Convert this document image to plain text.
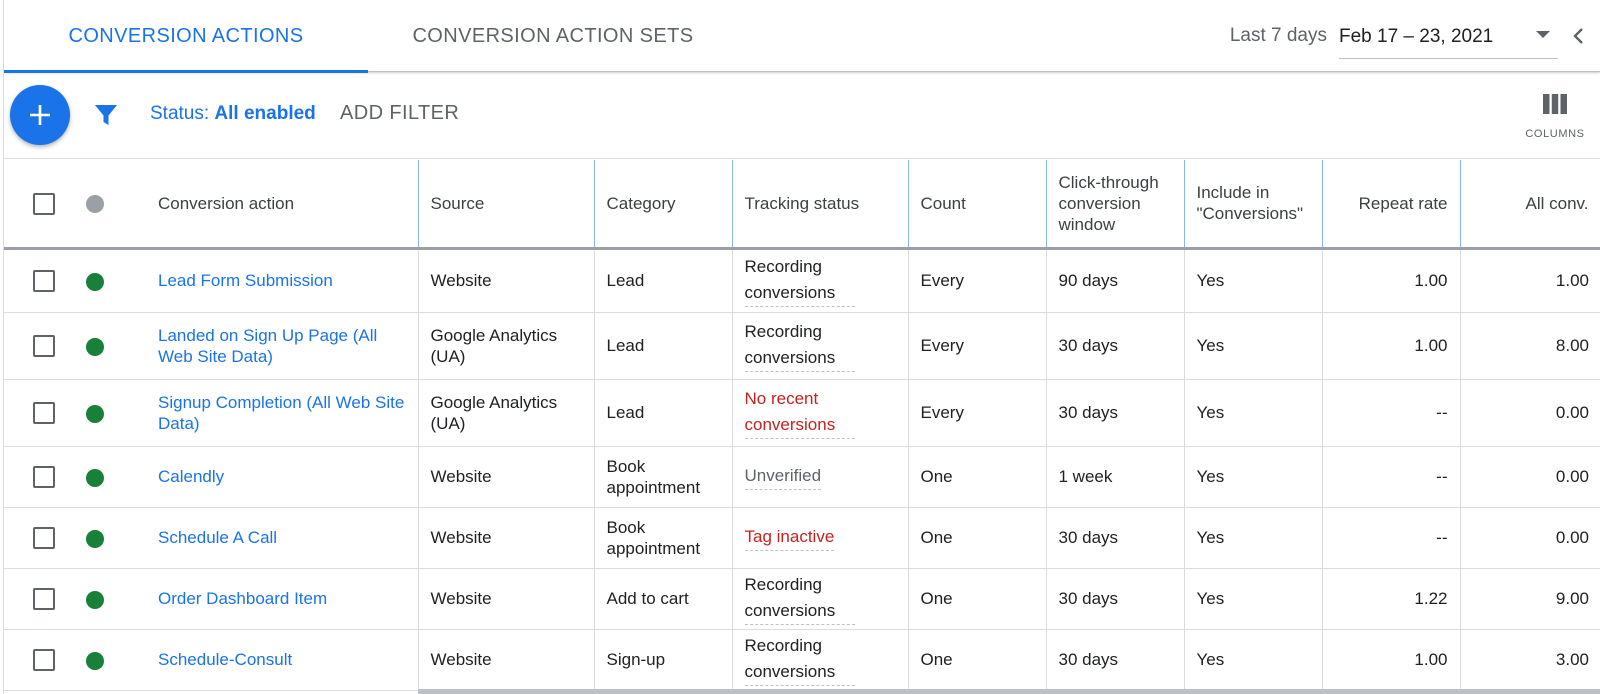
CONVERSION ACTIONS	CONVERSION ACTION SETS	Last 7 days Feb 17 – 23, 2021
Status: All enabled ADD FILTER
COLUMNS
		Conversion action	Source	Category	Tracking status	Count	Click-through conversion window	Include in "Conversions"	Repeat rate	All conv.
		Lead Form Submission	Website	Lead	Recording conversions	Every	90 days	Yes	1.00	1.00
		Landed on Sign Up Page (All Web Site Data)	Google Analytics (UA)	Lead	Recording conversions	Every	30 days	Yes	1.00	8.00
		Signup Completion (All Web Site Data)	Google Analytics (UA)	Lead	No recent conversions	Every	30 days	Yes	--	0.00
		Calendly	Website	Book appointment	Unverified	One	1 week	Yes	--	0.00
		Schedule A Call	Website	Book appointment	Tag inactive	One	30 days	Yes	--	0.00
		Order Dashboard Item	Website	Add to cart	Recording conversions	One	30 days	Yes	1.22	9.00
		Schedule-Consult	Website	Sign-up	Recording conversions	One	30 days	Yes	1.00	3.00
